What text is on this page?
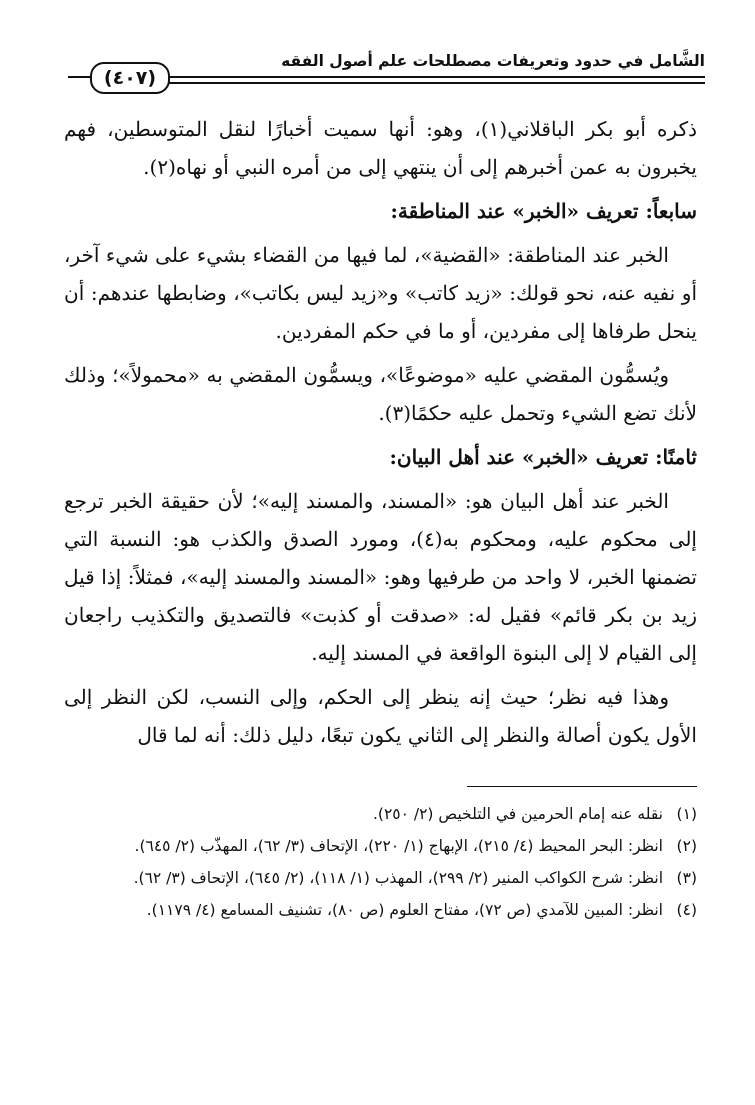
الشَّامل في حدود وتعريفات مصطلحات علم أصول الفقه
(٤٠٧)

ذكره أبو بكر الباقلاني(١)، وهو: أنها سميت أخبارًا لنقل المتوسطين، فهم يخبرون به عمن أخبرهم إلى أن ينتهي إلى من أمره النبي أو نهاه(٢).

سابعاً: تعريف «الخبر» عند المناطقة:

الخبر عند المناطقة: «القضية»، لما فيها من القضاء بشيء على شيء آخر، أو نفيه عنه، نحو قولك: «زيد كاتب» و«زيد ليس بكاتب»، وضابطها عندهم: أن ينحل طرفاها إلى مفردين، أو ما في حكم المفردين.

ويُسمُّون المقضي عليه «موضوعًا»، ويسمُّون المقضي به «محمولاً»؛ وذلك لأنك تضع الشيء وتحمل عليه حكمًا(٣).

ثامنًا: تعريف «الخبر» عند أهل البيان:

الخبر عند أهل البيان هو: «المسند، والمسند إليه»؛ لأن حقيقة الخبر ترجع إلى محكوم عليه، ومحكوم به(٤)، ومورد الصدق والكذب هو: النسبة التي تضمنها الخبر، لا واحد من طرفيها وهو: «المسند والمسند إليه»، فمثلاً: إذا قيل زيد بن بكر قائم» فقيل له: «صدقت أو كذبت» فالتصديق والتكذيب راجعان إلى القيام لا إلى البنوة الواقعة في المسند إليه.

وهذا فيه نظر؛ حيث إنه ينظر إلى الحكم، وإلى النسب، لكن النظر إلى الأول يكون أصالة والنظر إلى الثاني يكون تبعًا، دليل ذلك: أنه لما قال

(١)
نقله عنه إمام الحرمين في التلخيص (٢/ ٢٥٠).
(٢)
انظر: البحر المحيط (٤/ ٢١٥)، الإبهاج (١/ ٢٢٠)، الإتحاف (٣/ ٦٢)، المهذّب (٢/ ٦٤٥).
(٣)
انظر: شرح الكواكب المنير (٢/ ٢٩٩)، المهذب (١/ ١١٨)، (٢/ ٦٤٥)، الإتحاف (٣/ ٦٢).
(٤)
انظر: المبين للآمدي (ص ٧٢)، مفتاح العلوم (ص ٨٠)، تشنيف المسامع (٤/ ١١٧٩).
